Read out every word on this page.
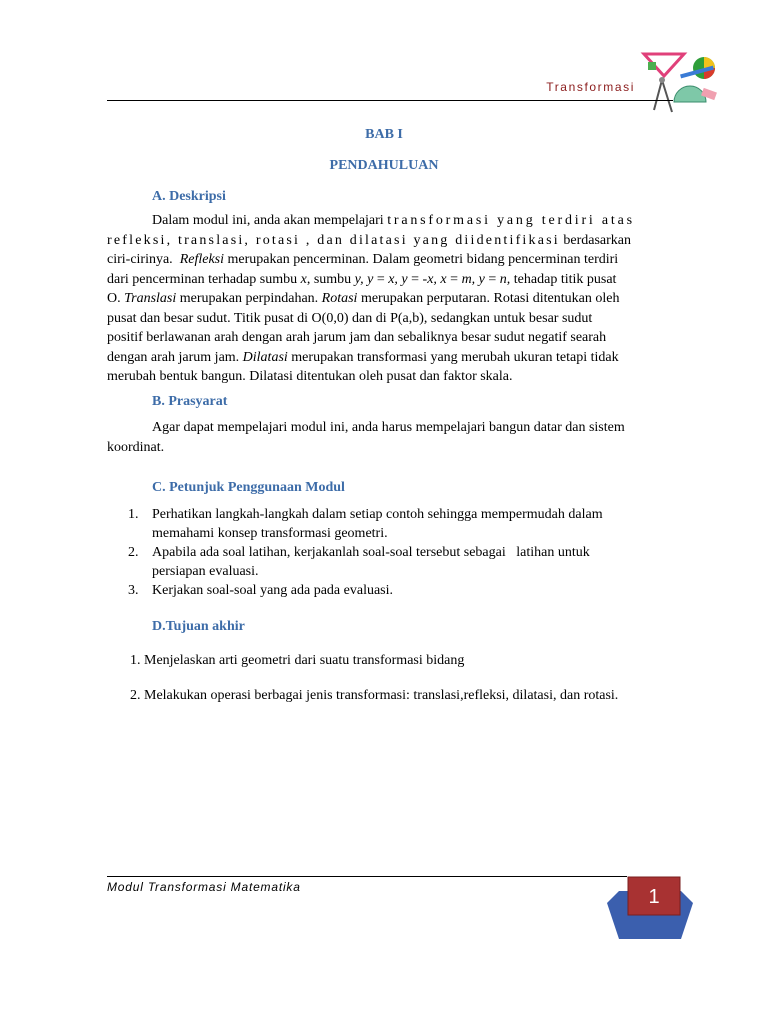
Transformasi
BAB I
PENDAHULUAN
A. Deskripsi
Dalam modul ini, anda akan mempelajari transformasi yang terdiri atas
refleksi, translasi, rotasi , dan dilatasi yang diidentifikasi berdasarkan
ciri-cirinya. Refleksi merupakan pencerminan. Dalam geometri bidang pencerminan terdiri
dari pencerminan terhadap sumbu x, sumbu y, y = x, y = -x, x = m, y = n, tehadap titik pusat
O. Translasi merupakan perpindahan. Rotasi merupakan perputaran. Rotasi ditentukan oleh
pusat dan besar sudut. Titik pusat di O(0,0) dan di P(a,b), sedangkan untuk besar sudut
positif berlawanan arah dengan arah jarum jam dan sebaliknya besar sudut negatif searah
dengan arah jarum jam. Dilatasi merupakan transformasi yang merubah ukuran tetapi tidak
merubah bentuk bangun. Dilatasi ditentukan oleh pusat dan faktor skala.
B. Prasyarat
Agar dapat mempelajari modul ini, anda harus mempelajari bangun datar dan sistem
koordinat.
C. Petunjuk Penggunaan Modul
1. Perhatikan langkah-langkah dalam setiap contoh sehingga mempermudah dalam
memahami konsep transformasi geometri.
2. Apabila ada soal latihan, kerjakanlah soal-soal tersebut sebagai   latihan untuk
persiapan evaluasi.
3. Kerjakan soal-soal yang ada pada evaluasi.
D.Tujuan akhir
1. Menjelaskan arti geometri dari suatu transformasi bidang
2. Melakukan operasi berbagai jenis transformasi: translasi,refleksi, dilatasi, dan rotasi.
Modul Transformasi Matematika	1
